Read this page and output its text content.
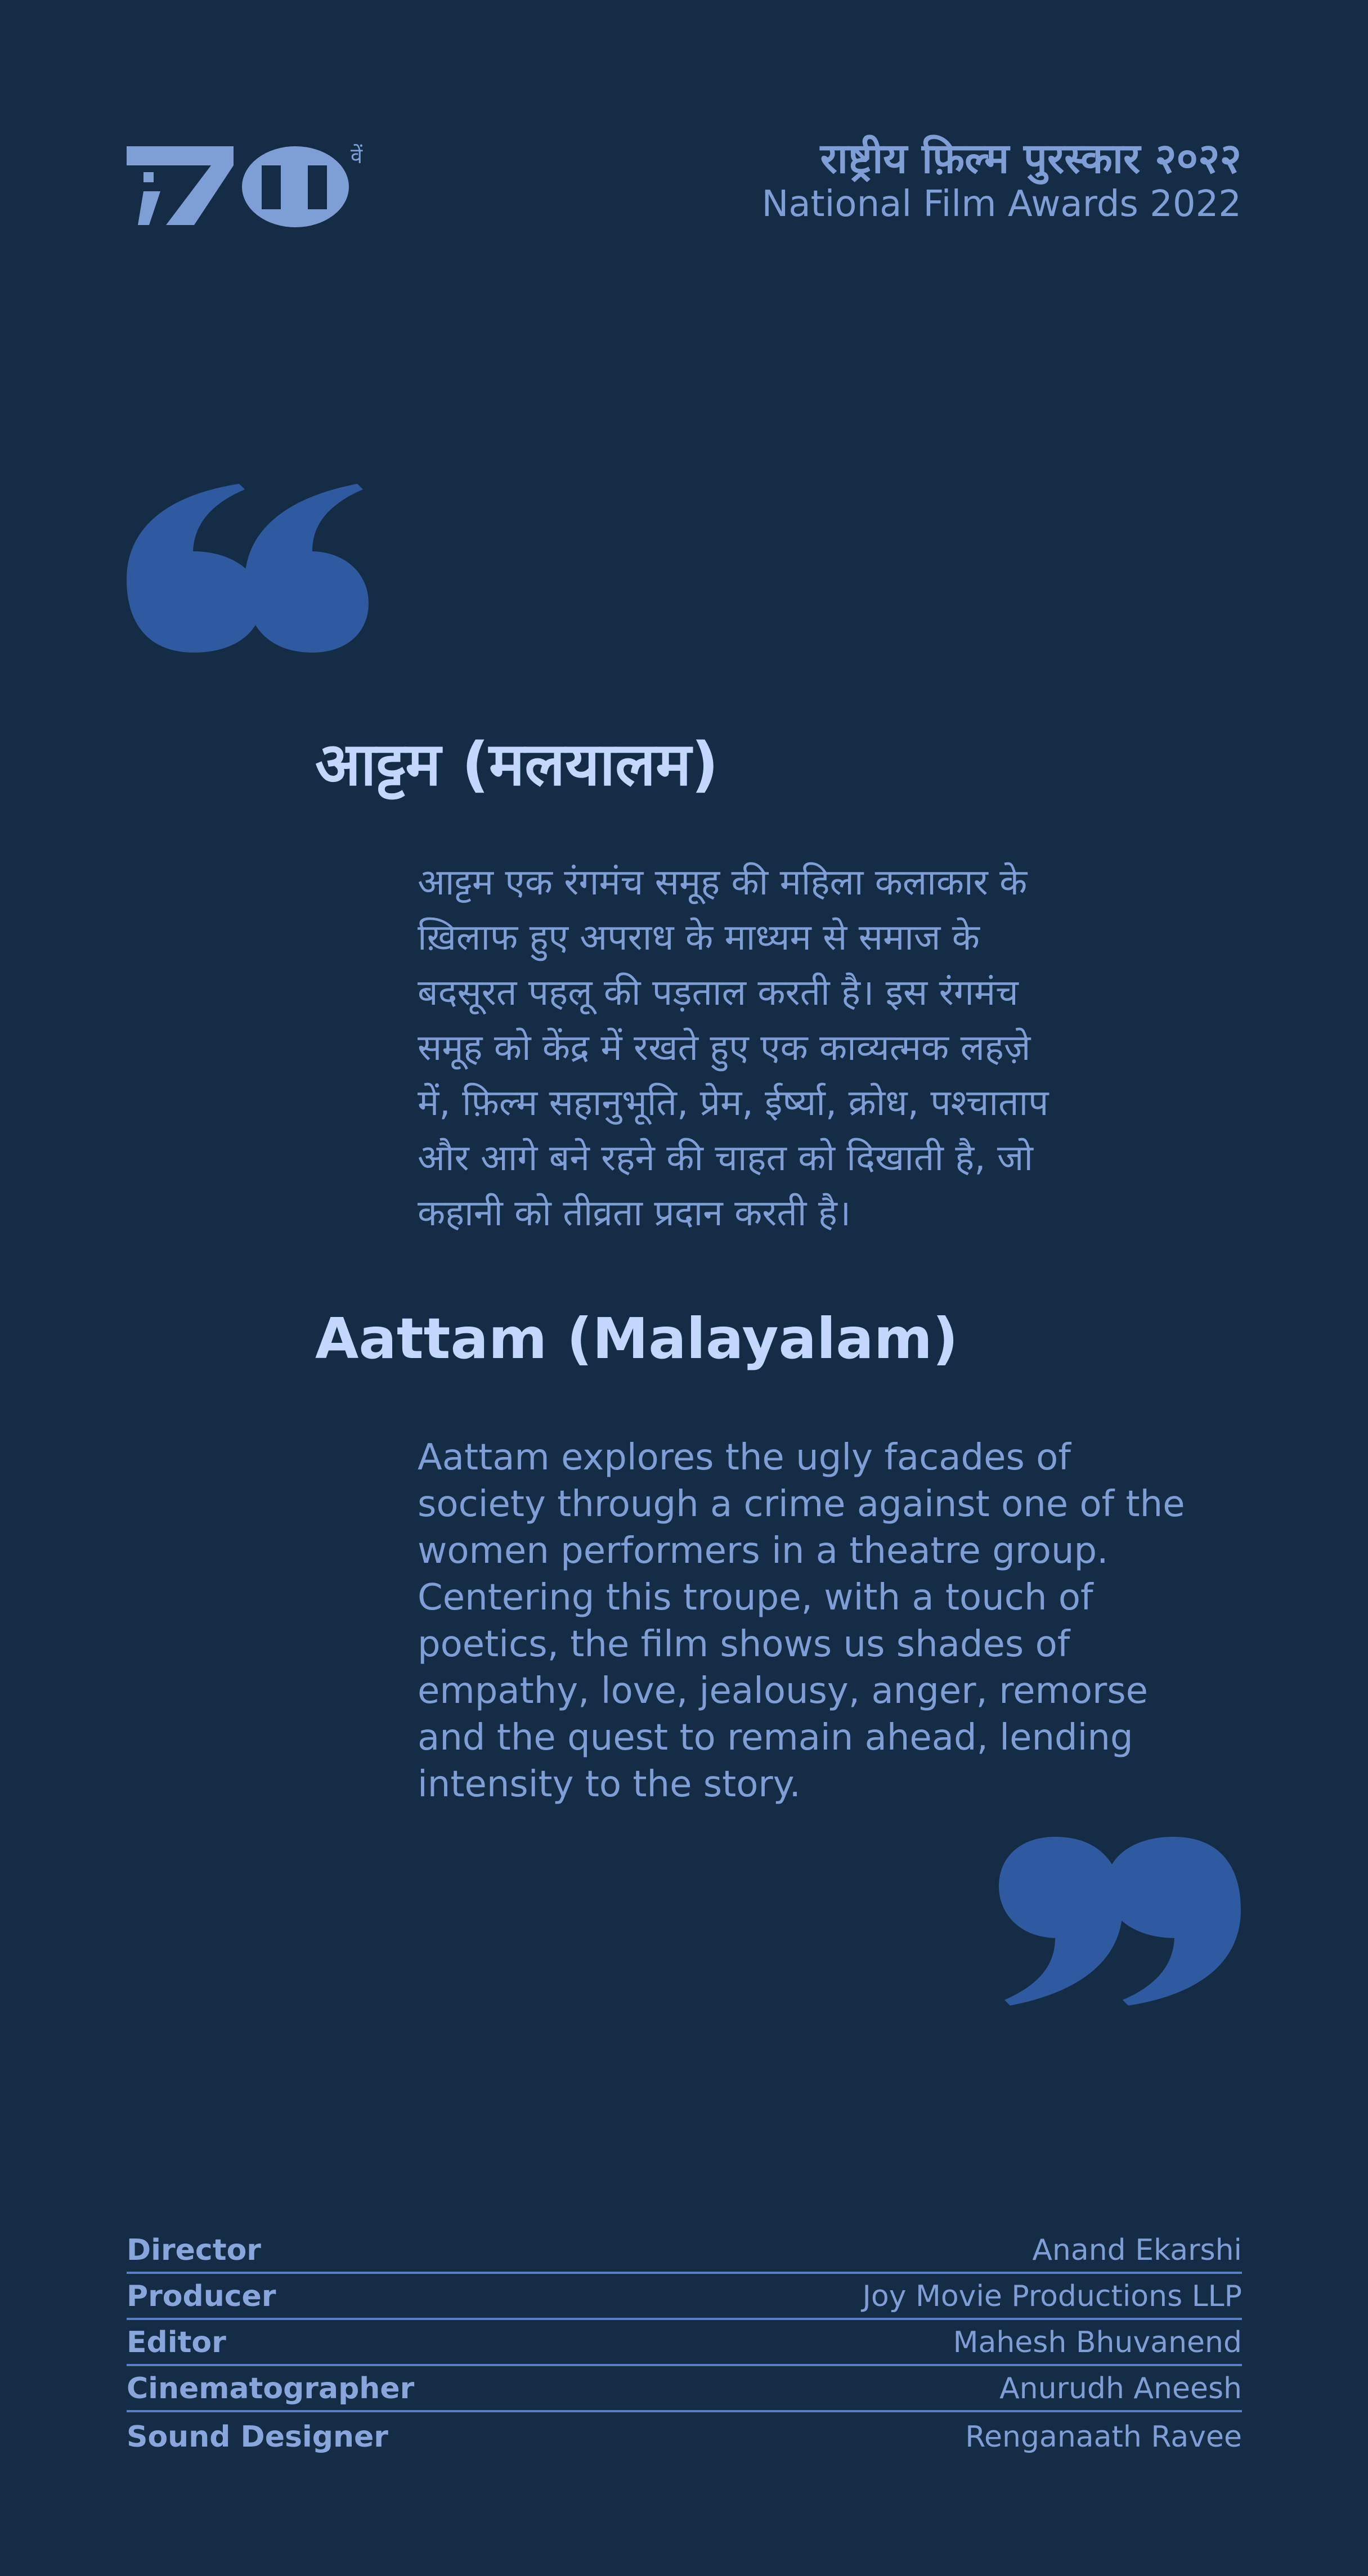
वें	राष्ट्रीय फ़िल्म पुरस्कार २०२२
National Film Awards 2022
आट्टम (मलयालम)
आट्टम एक रंगमंच समूह की महिला कलाकार के
ख़िलाफ हुए अपराध के माध्यम से समाज के
बदसूरत पहलू की पड़ताल करती है। इस रंगमंच
समूह को केंद्र में रखते हुए एक काव्यत्मक लहज़े
में, फ़िल्म सहानुभूति, प्रेम, ईर्ष्या, क्रोध, पश्चाताप
और आगे बने रहने की चाहत को दिखाती है, जो
कहानी को तीव्रता प्रदान करती है।
Aattam (Malayalam)
Aattam explores the ugly facades of
society through a crime against one of the
women performers in a theatre group.
Centering this troupe, with a touch of
poetics, the film shows us shades of
empathy, love, jealousy, anger, remorse
and the quest to remain ahead, lending
intensity to the story.
Director	Anand Ekarshi
Producer	Joy Movie Productions LLP
Editor	Mahesh Bhuvanend
Cinematographer	Anurudh Aneesh
Sound Designer	Renganaath Ravee
